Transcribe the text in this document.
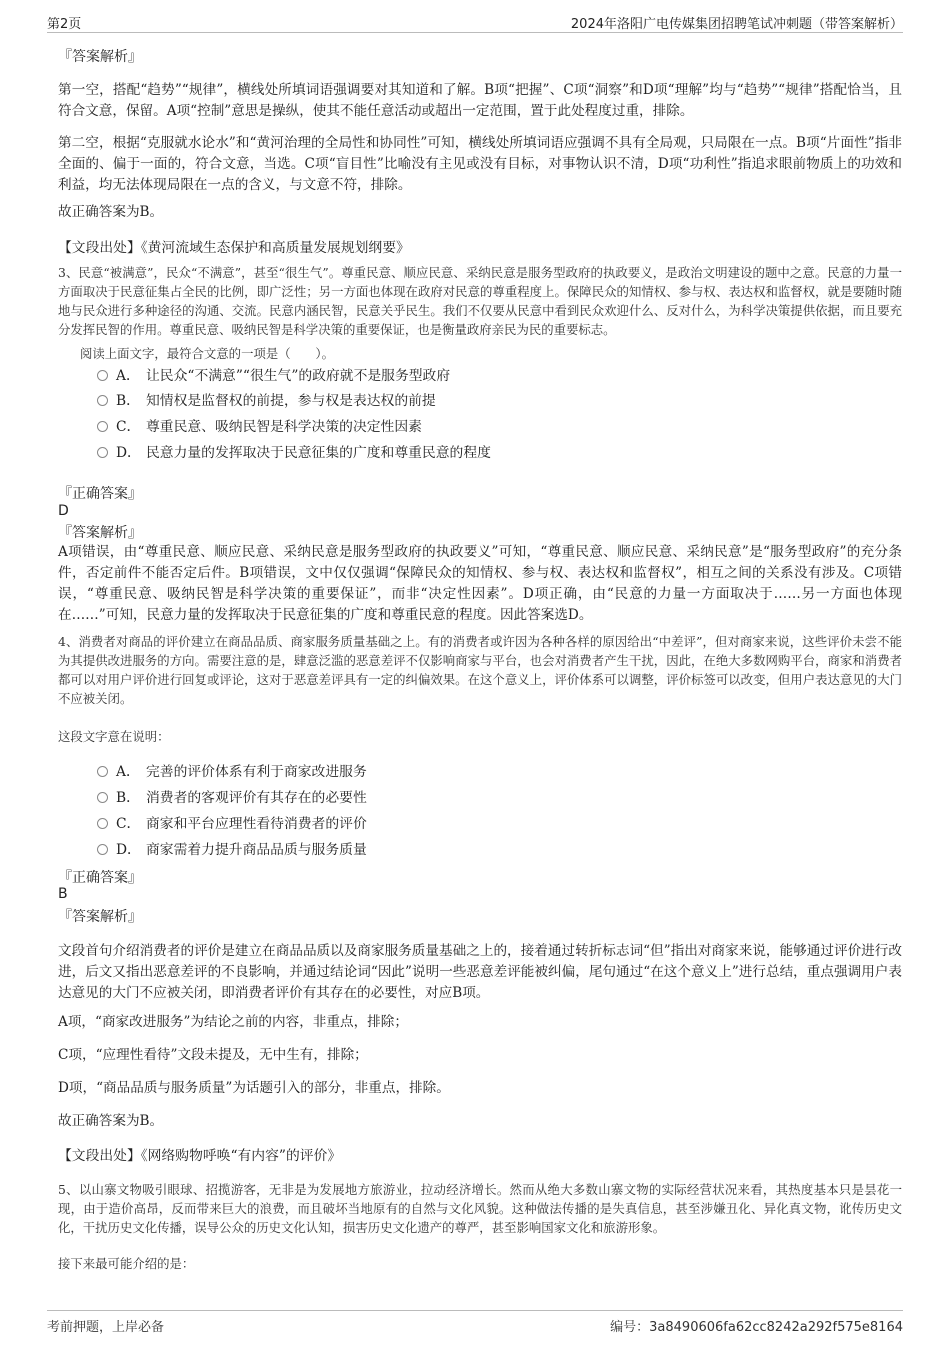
第2页	2024年洛阳广电传媒集团招聘笔试冲刺题（带答案解析）
『答案解析』
第一空，搭配“趋势”“规律”，横线处所填词语强调要对其知道和了解。B项“把握”、C项“洞察”和D项“理解”均与“趋势”“规律”搭配恰当，且符合文意，保留。A项“控制”意思是操纵，使其不能任意活动或超出一定范围，置于此处程度过重，排除。
第二空，根据“克服就水论水”和“黄河治理的全局性和协同性”可知，横线处所填词语应强调不具有全局观，只局限在一点。B项“片面性”指非全面的、偏于一面的，符合文意，当选。C项“盲目性”比喻没有主见或没有目标，对事物认识不清，D项“功利性”指追求眼前物质上的功效和利益，均无法体现局限在一点的含义，与文意不符，排除。
故正确答案为B。
【文段出处】《黄河流域生态保护和高质量发展规划纲要》
3、民意“被满意”，民众“不满意”，甚至“很生气”。尊重民意、顺应民意、采纳民意是服务型政府的执政要义，是政治文明建设的题中之意。民意的力量一方面取决于民意征集占全民的比例，即广泛性；另一方面也体现在政府对民意的尊重程度上。保障民众的知情权、参与权、表达权和监督权，就是要随时随地与民众进行多种途径的沟通、交流。民意内涵民智，民意关乎民生。我们不仅要从民意中看到民众欢迎什么、反对什么，为科学决策提供依据，而且要充分发挥民智的作用。尊重民意、吸纳民智是科学决策的重要保证，也是衡量政府亲民为民的重要标志。
阅读上面文字，最符合文意的一项是（　　）。
A． 让民众“不满意”“很生气”的政府就不是服务型政府
B． 知情权是监督权的前提，参与权是表达权的前提
C． 尊重民意、吸纳民智是科学决策的决定性因素
D． 民意力量的发挥取决于民意征集的广度和尊重民意的程度
『正确答案』
D
『答案解析』
A项错误，由“尊重民意、顺应民意、采纳民意是服务型政府的执政要义”可知，“尊重民意、顺应民意、采纳民意”是“服务型政府”的充分条件，否定前件不能否定后件。B项错误，文中仅仅强调“保障民众的知情权、参与权、表达权和监督权”，相互之间的关系没有涉及。C项错误，“尊重民意、吸纳民智是科学决策的重要保证”，而非“决定性因素”。D项正确，由“民意的力量一方面取决于……另一方面也体现在……”可知，民意力量的发挥取决于民意征集的广度和尊重民意的程度。因此答案选D。
4、消费者对商品的评价建立在商品品质、商家服务质量基础之上。有的消费者或许因为各种各样的原因给出“中差评”，但对商家来说，这些评价未尝不能为其提供改进服务的方向。需要注意的是，肆意泛滥的恶意差评不仅影响商家与平台，也会对消费者产生干扰，因此，在绝大多数网购平台，商家和消费者都可以对用户评价进行回复或评论，这对于恶意差评具有一定的纠偏效果。在这个意义上，评价体系可以调整，评价标签可以改变，但用户表达意见的大门不应被关闭。
这段文字意在说明：
A． 完善的评价体系有利于商家改进服务
B． 消费者的客观评价有其存在的必要性
C． 商家和平台应理性看待消费者的评价
D． 商家需着力提升商品品质与服务质量
『正确答案』
B
『答案解析』
文段首句介绍消费者的评价是建立在商品品质以及商家服务质量基础之上的，接着通过转折标志词“但”指出对商家来说，能够通过评价进行改进，后文又指出恶意差评的不良影响，并通过结论词“因此”说明一些恶意差评能被纠偏，尾句通过“在这个意义上”进行总结，重点强调用户表达意见的大门不应被关闭，即消费者评价有其存在的必要性，对应B项。
A项，“商家改进服务”为结论之前的内容，非重点，排除；
C项，“应理性看待”文段未提及，无中生有，排除；
D项，“商品品质与服务质量”为话题引入的部分，非重点，排除。
故正确答案为B。
【文段出处】《网络购物呼唤“有内容”的评价》
5、以山寨文物吸引眼球、招揽游客，无非是为发展地方旅游业，拉动经济增长。然而从绝大多数山寨文物的实际经营状况来看，其热度基本只是昙花一现，由于造价高昂，反而带来巨大的浪费，而且破坏当地原有的自然与文化风貌。这种做法传播的是失真信息，甚至涉嫌丑化、异化真文物，讹传历史文化，干扰历史文化传播，误导公众的历史文化认知，损害历史文化遗产的尊严，甚至影响国家文化和旅游形象。
接下来最可能介绍的是：
考前押题，上岸必备	编号：3a8490606fa62cc8242a292f575e8164
